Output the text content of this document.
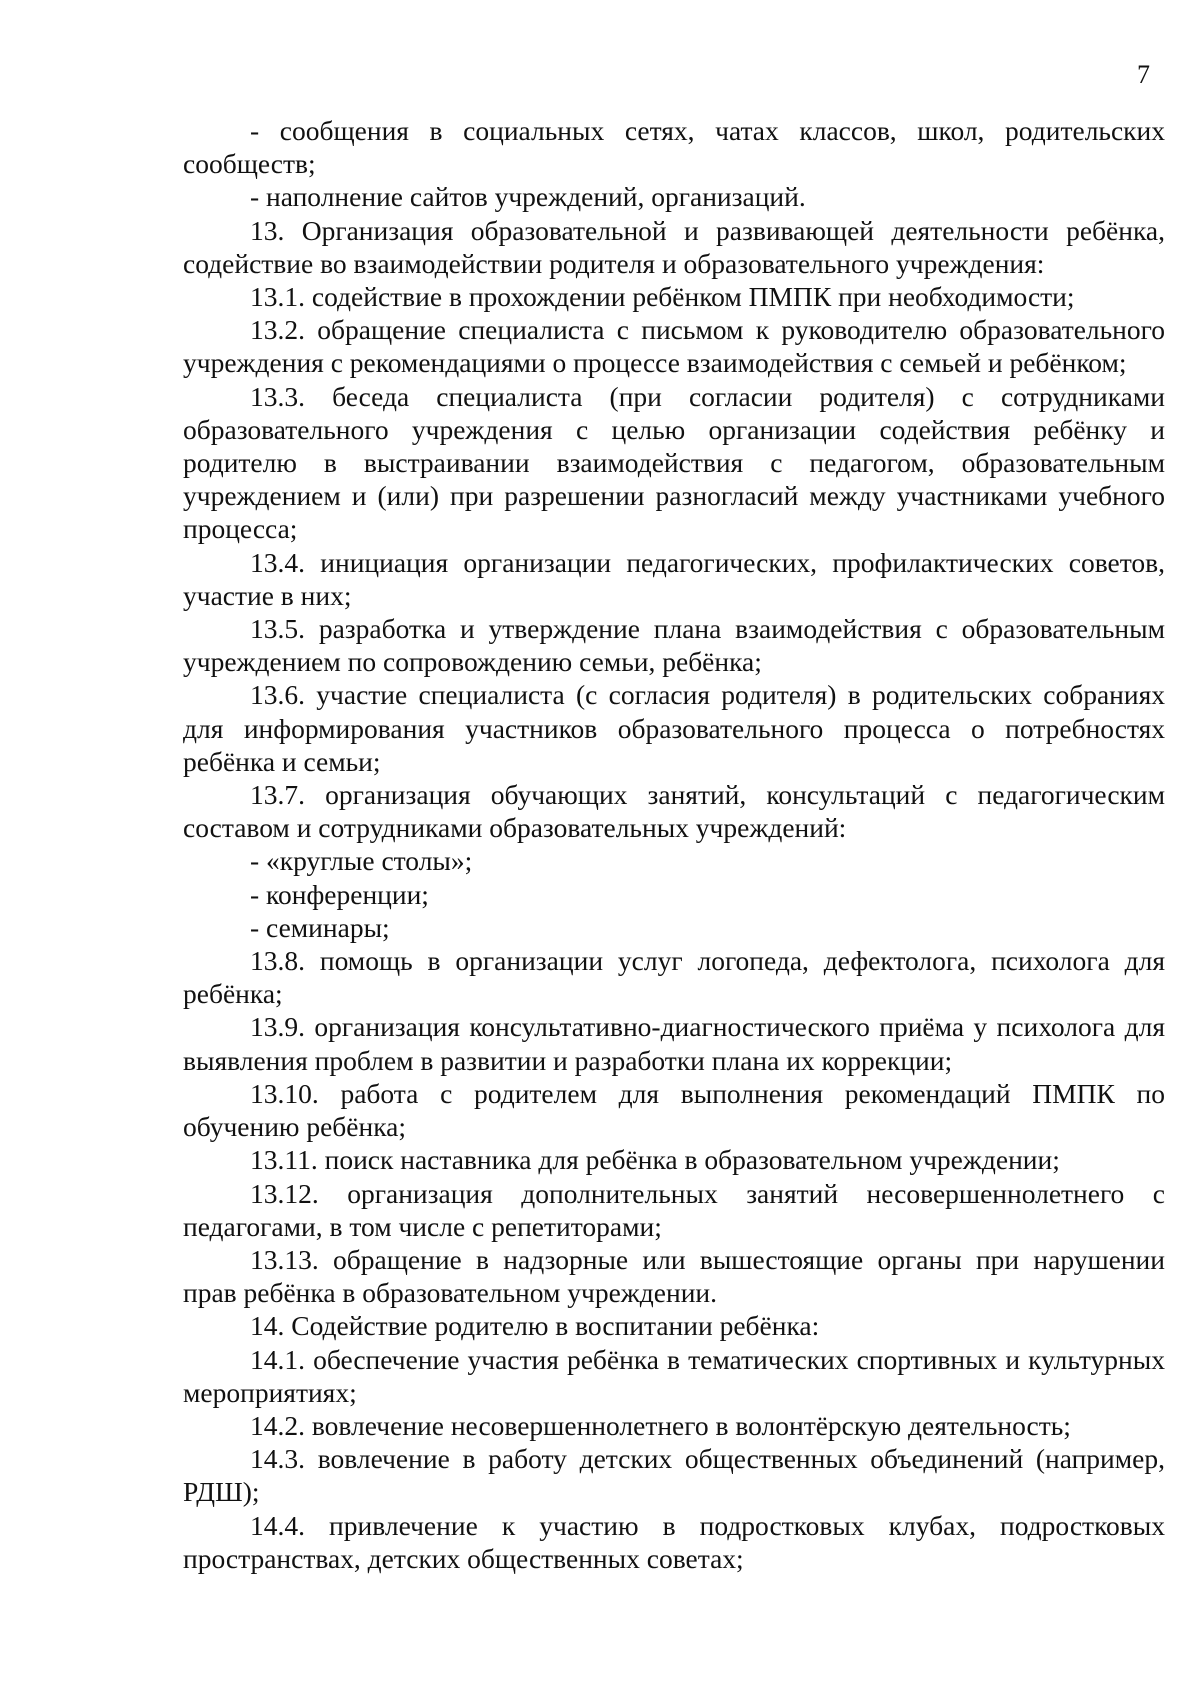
7

- сообщения в социальных сетях, чатах классов, школ, родительских сообществ;

- наполнение сайтов учреждений, организаций.

13. Организация образовательной и развивающей деятельности ребёнка, содействие во взаимодействии родителя и образовательного учреждения:

13.1. содействие в прохождении ребёнком ПМПК при необходимости;

13.2. обращение специалиста с письмом к руководителю образовательного учреждения с рекомендациями о процессе взаимодействия с семьей и ребёнком;

13.3. беседа специалиста (при согласии родителя) с сотрудниками образовательного учреждения с целью организации содействия ребёнку и родителю в выстраивании взаимодействия с педагогом, образовательным учреждением и (или) при разрешении разногласий между участниками учебного процесса;

13.4. инициация организации педагогических, профилактических советов, участие в них;

13.5. разработка и утверждение плана взаимодействия с образовательным учреждением по сопровождению семьи, ребёнка;

13.6. участие специалиста (с согласия родителя) в родительских собраниях для информирования участников образовательного процесса о потребностях ребёнка и семьи;

13.7. организация обучающих занятий, консультаций с педагогическим составом и сотрудниками образовательных учреждений:

- «круглые столы»;

- конференции;

- семинары;

13.8. помощь в организации услуг логопеда, дефектолога, психолога для ребёнка;

13.9. организация консультативно-диагностического приёма у психолога для выявления проблем в развитии и разработки плана их коррекции;

13.10. работа с родителем для выполнения рекомендаций ПМПК по обучению ребёнка;

13.11. поиск наставника для ребёнка в образовательном учреждении;

13.12. организация дополнительных занятий несовершеннолетнего с педагогами, в том числе с репетиторами;

13.13. обращение в надзорные или вышестоящие органы при нарушении прав ребёнка в образовательном учреждении.

14. Содействие родителю в воспитании ребёнка:

14.1. обеспечение участия ребёнка в тематических спортивных и культурных мероприятиях;

14.2. вовлечение несовершеннолетнего в волонтёрскую деятельность;

14.3. вовлечение в работу детских общественных объединений (например, РДШ);

14.4. привлечение к участию в подростковых клубах, подростковых пространствах, детских общественных советах;
